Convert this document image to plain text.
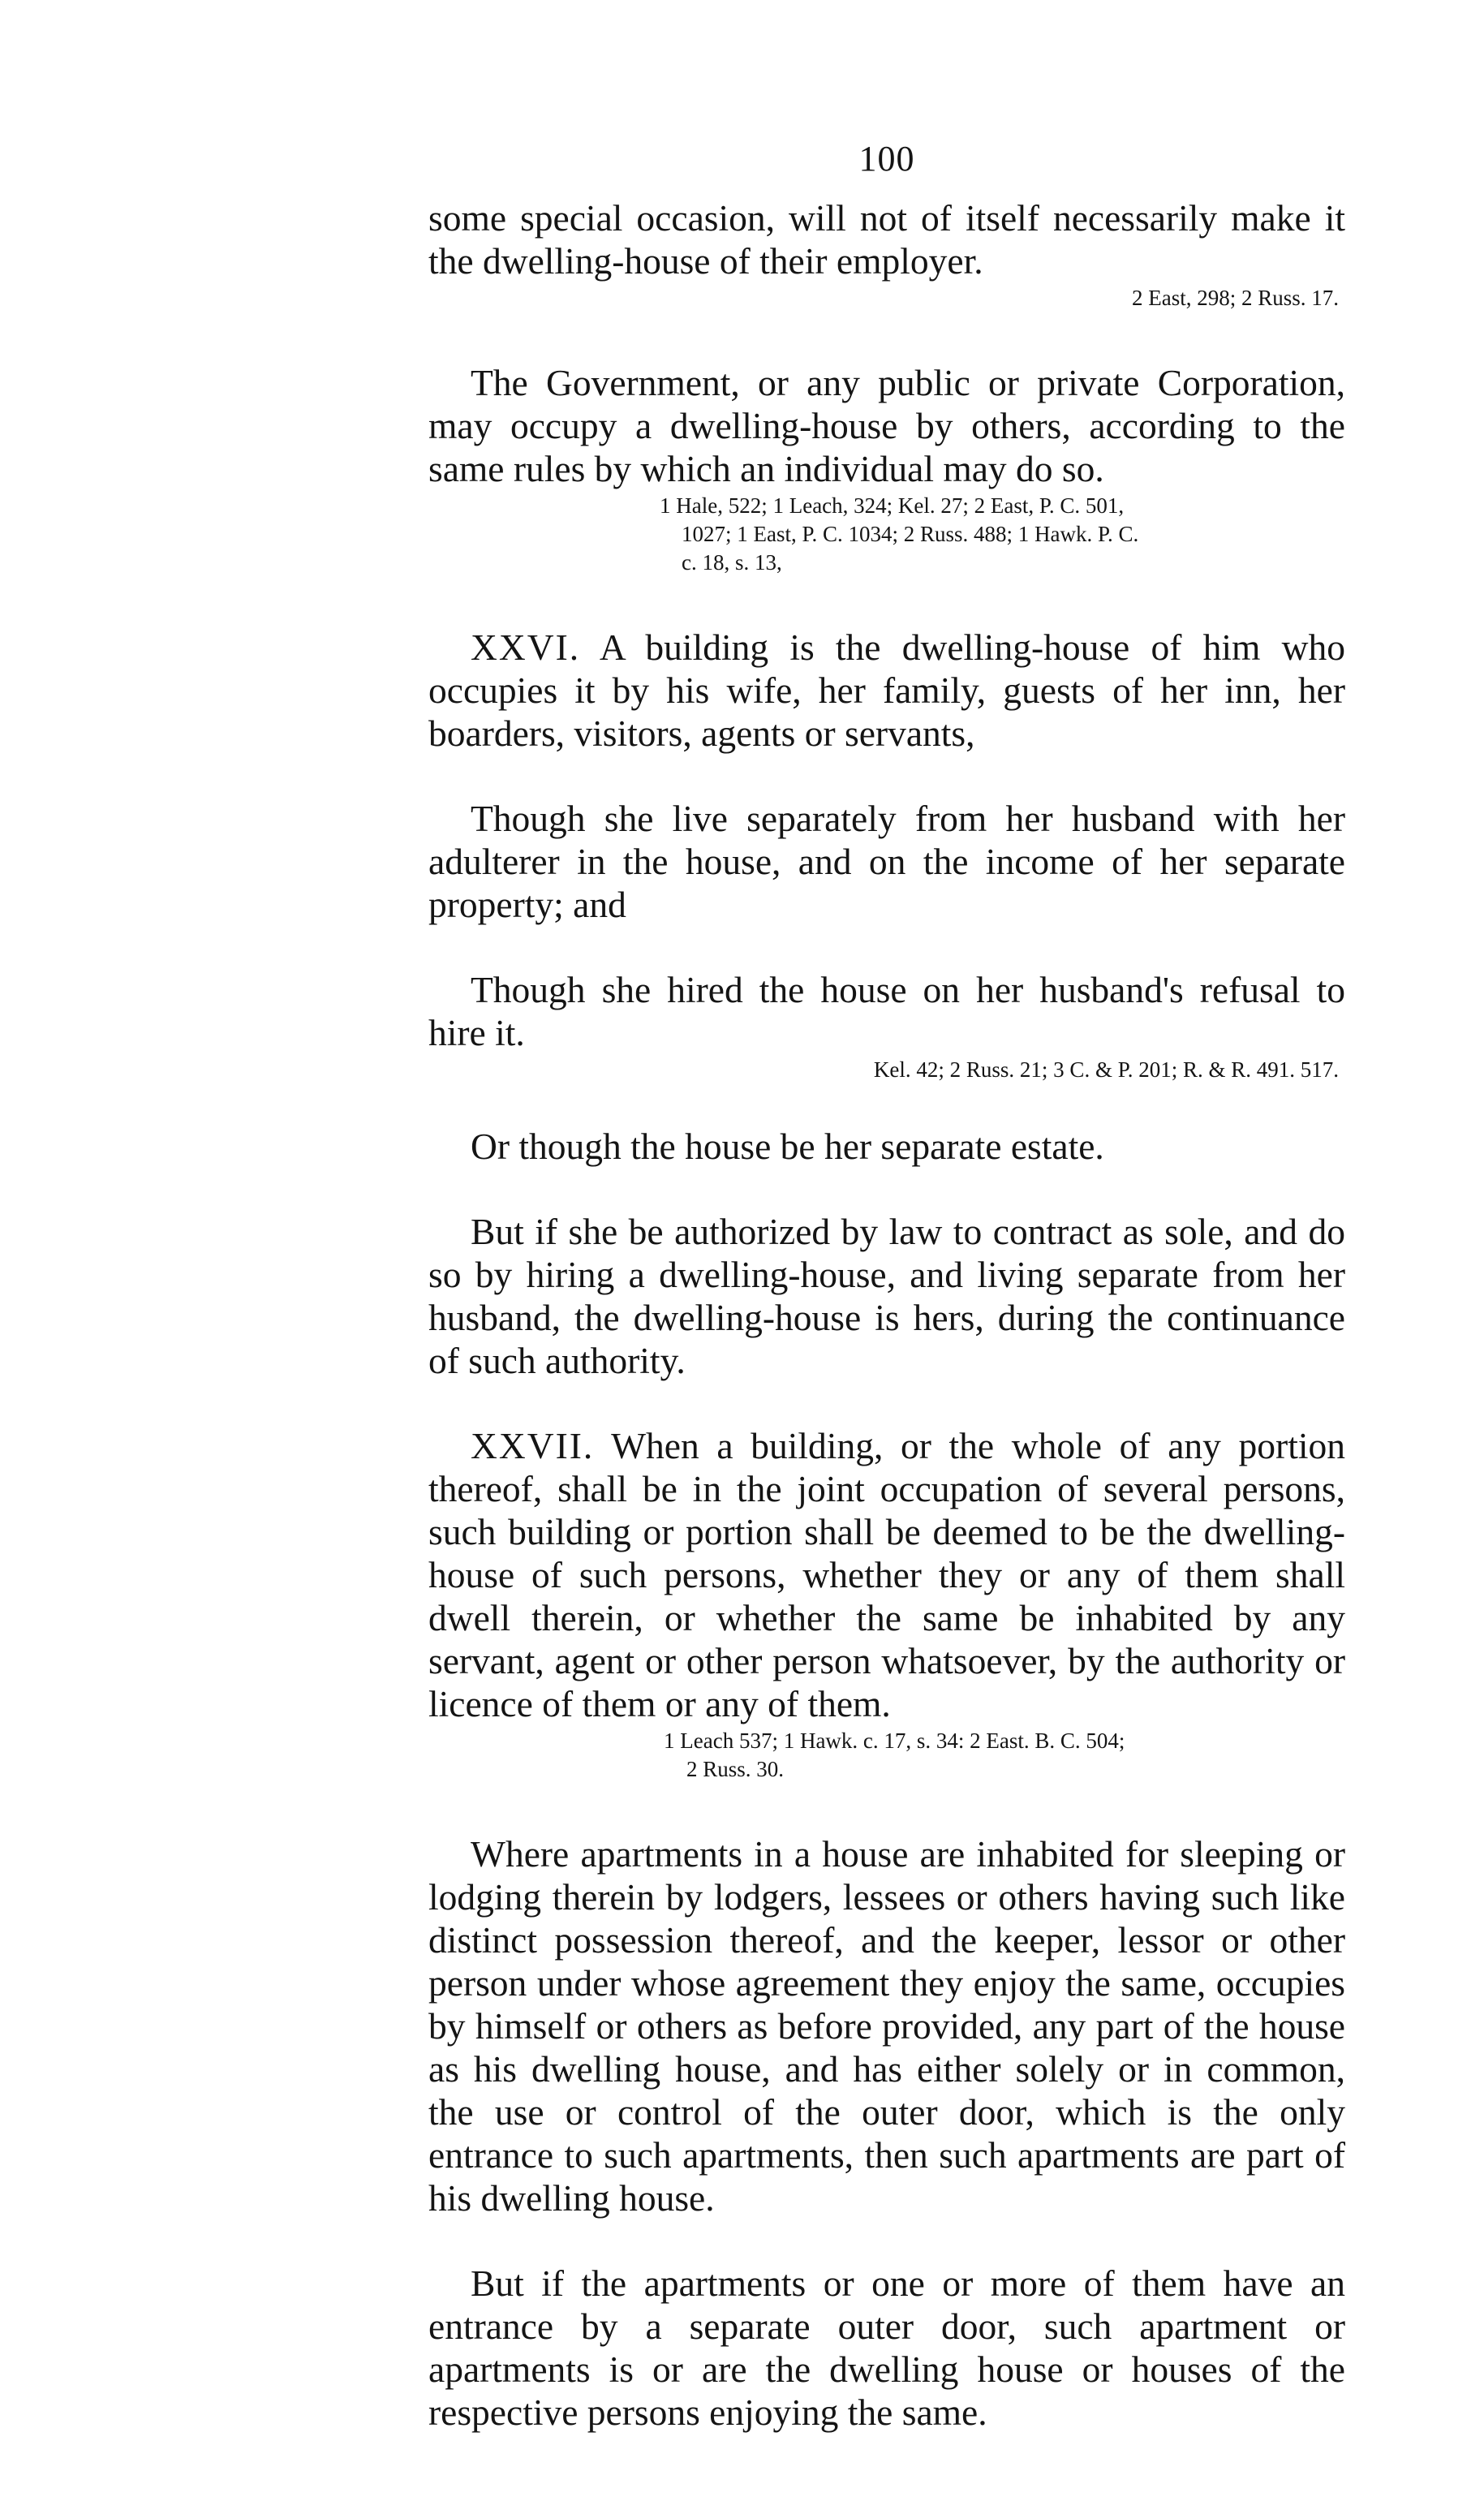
100

some special occasion, will not of itself necessarily make it the dwelling-house of their employer.

2 East, 298; 2 Russ. 17.

The Government, or any public or private Corporation, may occupy a dwelling-house by others, according to the same rules by which an individual may do so.

1 Hale, 522; 1 Leach, 324; Kel. 27; 2 East, P. C. 501,

1027; 1 East, P. C. 1034; 2 Russ. 488; 1 Hawk. P. C.

c. 18, s. 13,

XXVI. A building is the dwelling-house of him who occupies it by his wife, her family, guests of her inn, her boarders, visitors, agents or servants,

Though she live separately from her husband with her adulterer in the house, and on the income of her separate property; and

Though she hired the house on her husband's refusal to hire it.

Kel. 42; 2 Russ. 21; 3 C. & P. 201; R. & R. 491. 517.

Or though the house be her separate estate.

But if she be authorized by law to contract as sole, and do so by hiring a dwelling-house, and living separate from her husband, the dwelling-house is hers, during the continuance of such authority.

XXVII. When a building, or the whole of any portion thereof, shall be in the joint occupation of several persons, such building or portion shall be deemed to be the dwelling-house of such persons, whether they or any of them shall dwell therein, or whether the same be inhabited by any servant, agent or other person whatsoever, by the authority or licence of them or any of them.

1 Leach 537; 1 Hawk. c. 17, s. 34: 2 East. B. C. 504;

2 Russ. 30.

Where apartments in a house are inhabited for sleeping or lodging therein by lodgers, lessees or others having such like distinct possession thereof, and the keeper, lessor or other person under whose agreement they enjoy the same, occupies by himself or others as before provided, any part of the house as his dwelling house, and has either solely or in common, the use or control of the outer door, which is the only entrance to such apartments, then such apartments are part of his dwelling house.

But if the apartments or one or more of them have an entrance by a separate outer door, such apartment or apartments is or are the dwelling house or houses of the respective persons enjoying the same.
